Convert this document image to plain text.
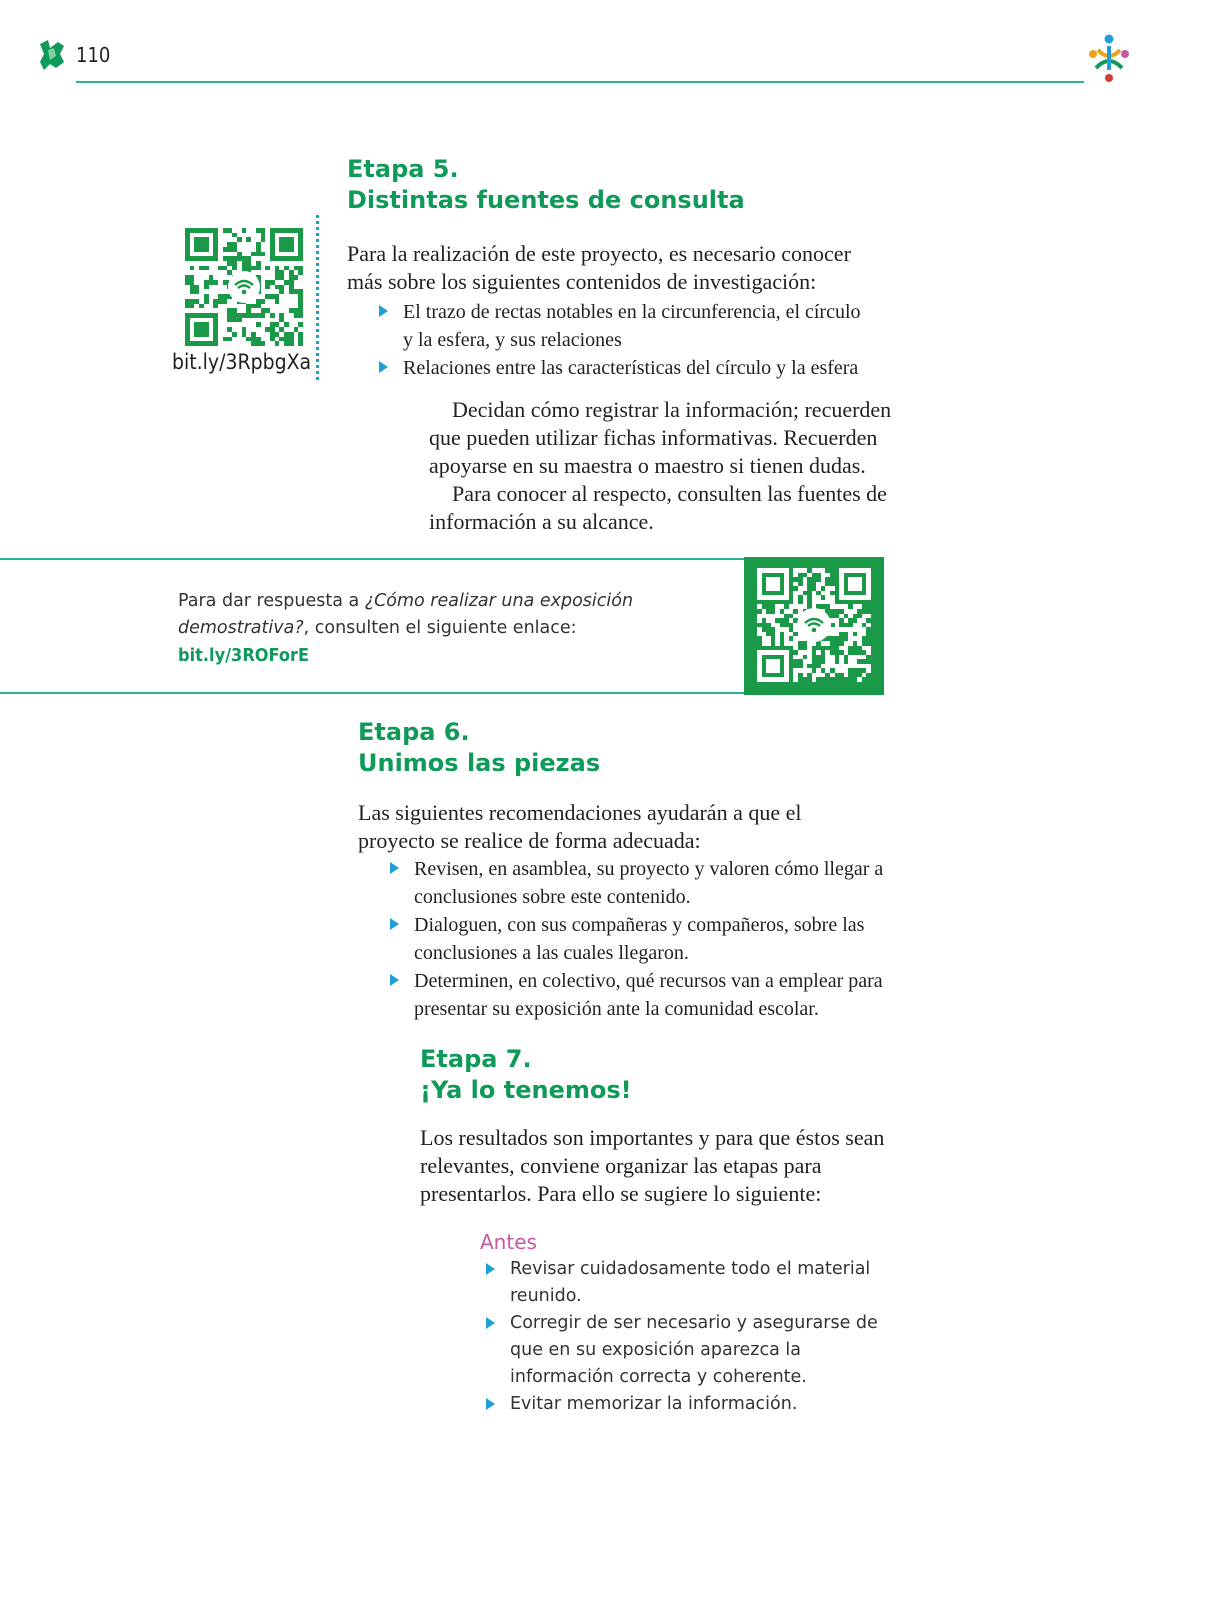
110
bit.ly/3RpbgXa
Etapa 5.
Distintas fuentes de consulta

Para la realización de este proyecto, es necesario conocer más sobre los siguientes contenidos de investigación:

El trazo de rectas notables en la circunferencia, el círculo y la esfera, y sus relaciones
Relaciones entre las características del círculo y la esfera

Decidan cómo registrar la información; recuerden que pueden utilizar fichas informativas. Recuerden apoyarse en su maestra o maestro si tienen dudas.

Para conocer al respecto, consulten las fuentes de información a su alcance.

Para dar respuesta a ¿Cómo realizar una exposición demostrativa?, consulten el siguiente enlace:
bit.ly/3ROForE
Etapa 6.
Unimos las piezas

Las siguientes recomendaciones ayudarán a que el proyecto se realice de forma adecuada:

Revisen, en asamblea, su proyecto y valoren cómo llegar a conclusiones sobre este contenido.
Dialoguen, con sus compañeras y compañeros, sobre las conclusiones a las cuales llegaron.
Determinen, en colectivo, qué recursos van a emplear para presentar su exposición ante la comunidad escolar.
Etapa 7.
¡Ya lo tenemos!

Los resultados son importantes y para que éstos sean relevantes, conviene organizar las etapas para presentarlos. Para ello se sugiere lo siguiente:

Antes
Revisar cuidadosamente todo el material reunido.
Corregir de ser necesario y asegurarse de que en su exposición aparezca la información correcta y coherente.
Evitar memorizar la información.
